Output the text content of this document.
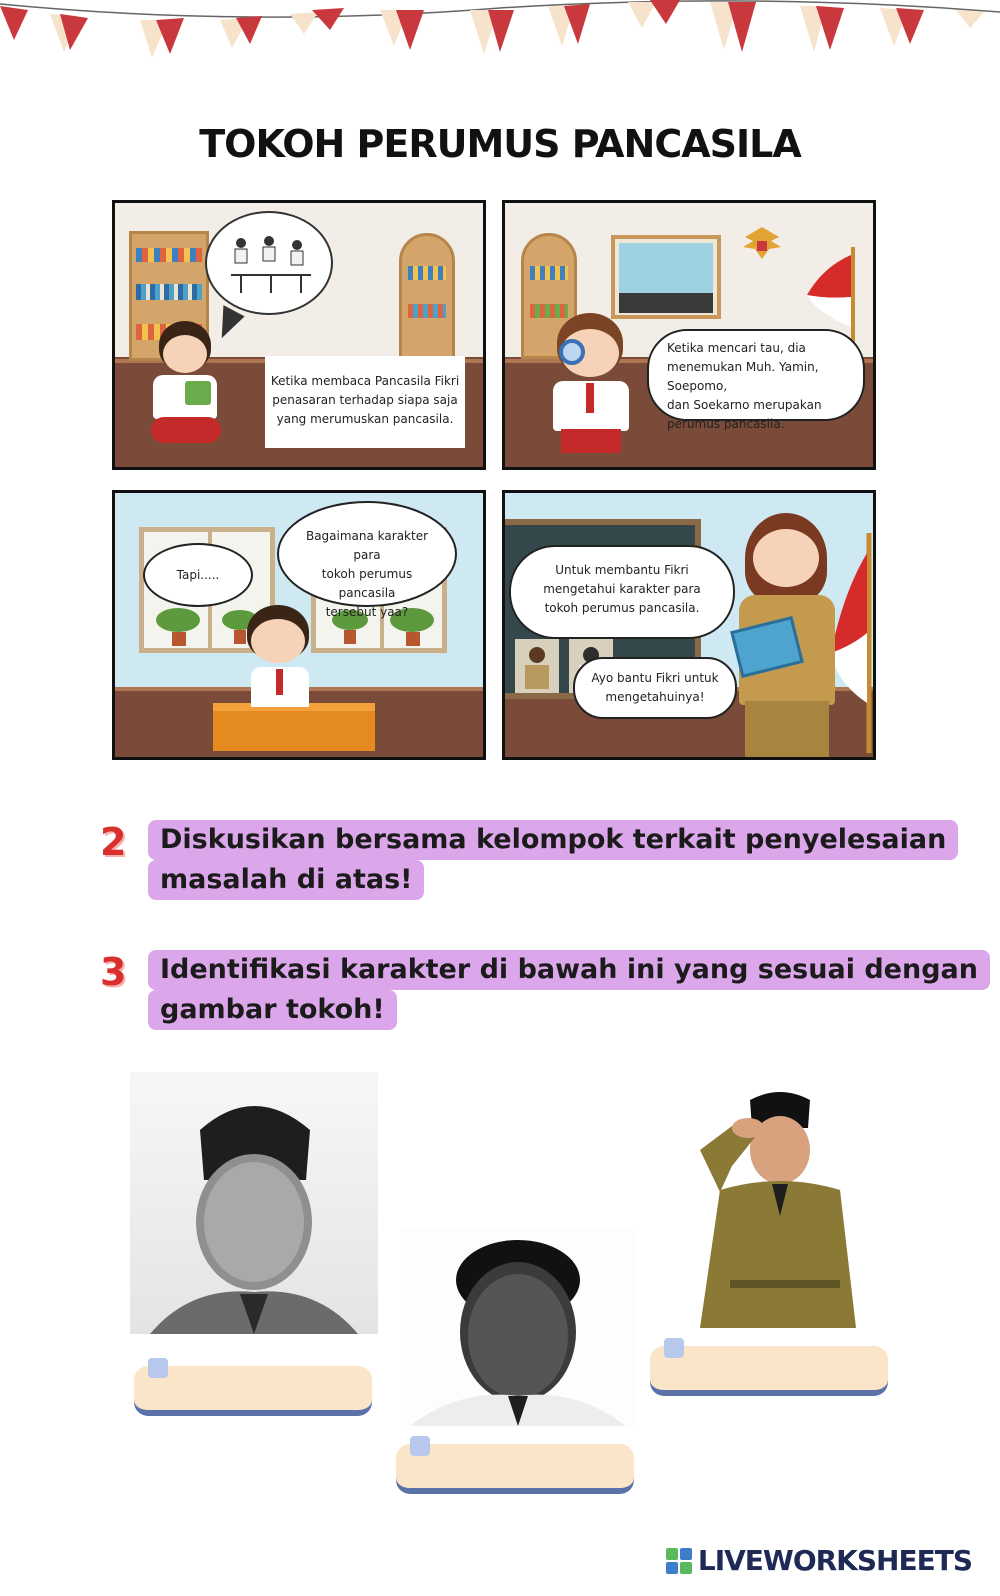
TOKOH PERUMUS PANCASILA
Ketika membaca Pancasila Fikri
penasaran terhadap siapa saja
yang merumuskan pancasila.
Ketika mencari tau, dia
menemukan Muh. Yamin, Soepomo,
dan Soekarno merupakan
perumus pancasila.
Tapi.....
Bagaimana karakter para
tokoh perumus pancasila
tersebut yaa?
Untuk membantu Fikri
mengetahui karakter para
tokoh perumus pancasila.
Ayo bantu Fikri untuk
mengetahuinya!
2	Diskusikan bersama kelompok terkait penyelesaian
masalah di atas!
3	Identifikasi karakter di bawah ini yang sesuai dengan
gambar tokoh!
LIVEWORKSHEETS
